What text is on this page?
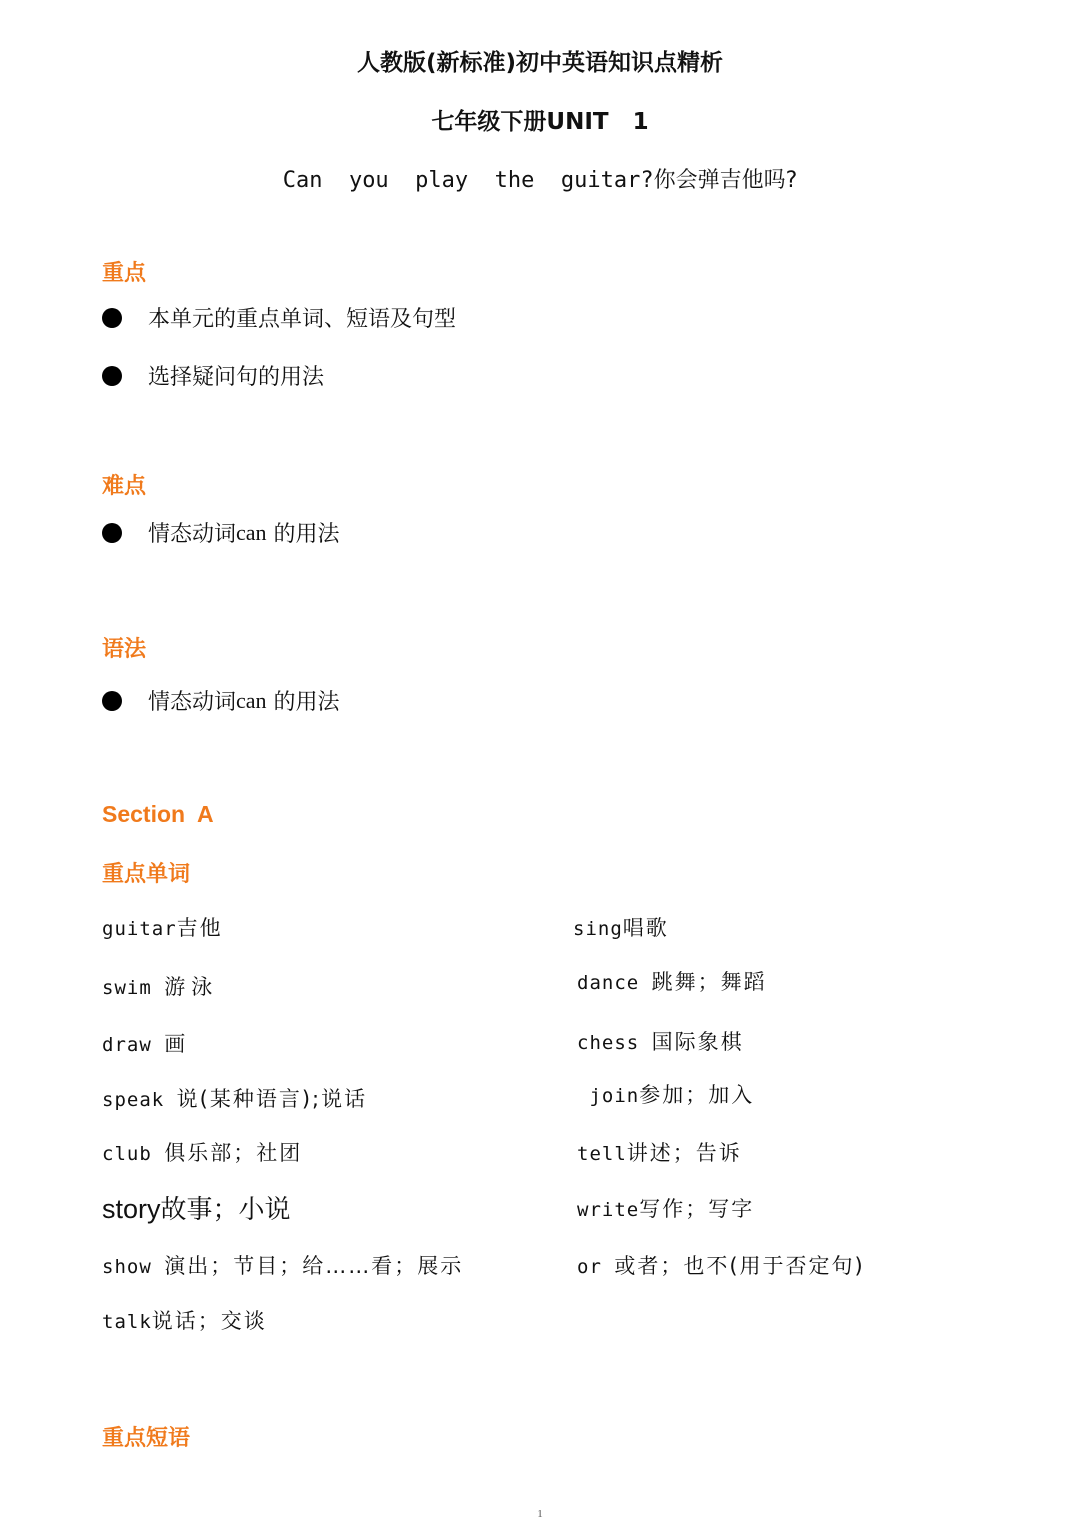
人教版(新标准)初中英语知识点精析
七年级下册UNIT   1
Can  you  play  the  guitar?你会弹吉他吗?
重点
本单元的重点单词、短语及句型
选择疑问句的用法
难点
情态动词 can 的用法
语法
情态动词 can 的用法
Section  A
重点单词
guitar吉他
swim 游泳
draw 画
speak 说(某种语言);说话
club 俱乐部；社团
story故事；小说
show 演出；节目；给……看；展示
talk说话；交谈
sing唱歌
dance 跳舞；舞蹈
chess 国际象棋
join参加；加入
tell讲述；告诉
write写作；写字
or 或者；也不(用于否定句)
重点短语
1
